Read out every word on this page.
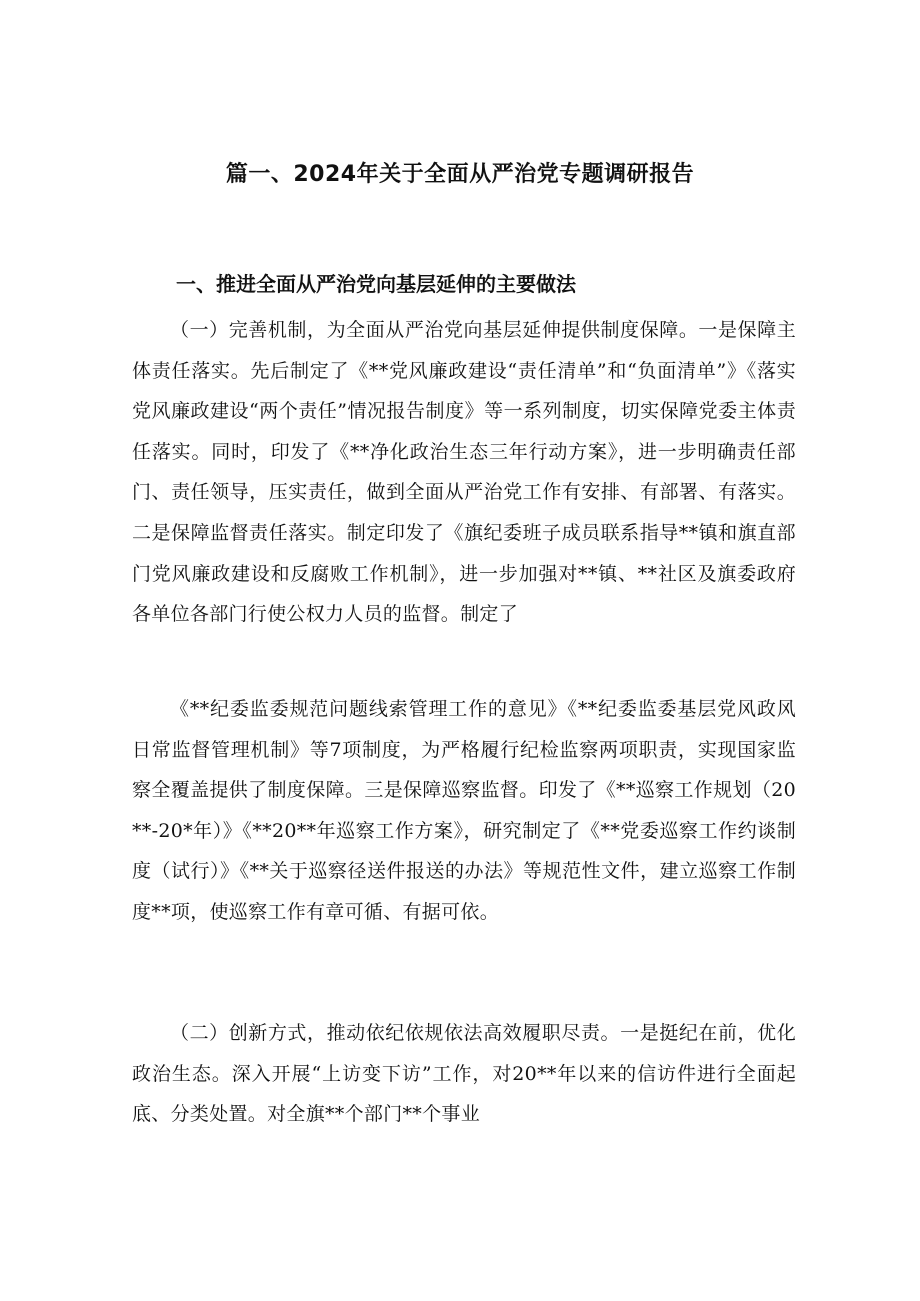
篇一、2024年关于全面从严治党专题调研报告
一、推进全面从严治党向基层延伸的主要做法

（一）完善机制，为全面从严治党向基层延伸提供制度保障。一是保障主体责任落实。先后制定了《**党风廉政建设“责任清单”和“负面清单”》《落实党风廉政建设“两个责任”情况报告制度》等一系列制度，切实保障党委主体责任落实。同时，印发了《**净化政治生态三年行动方案》，进一步明确责任部门、责任领导，压实责任，做到全面从严治党工作有安排、有部署、有落实。二是保障监督责任落实。制定印发了《旗纪委班子成员联系指导**镇和旗直部门党风廉政建设和反腐败工作机制》，进一步加强对**镇、**社区及旗委政府各单位各部门行使公权力人员的监督。制定了

《**纪委监委规范问题线索管理工作的意见》《**纪委监委基层党风政风日常监督管理机制》等7项制度，为严格履行纪检监察两项职责，实现国家监察全覆盖提供了制度保障。三是保障巡察监督。印发了《**巡察工作规划（20**-20*年）》《**20**年巡察工作方案》，研究制定了《**党委巡察工作约谈制度（试行）》《**关于巡察径送件报送的办法》等规范性文件，建立巡察工作制度**项，使巡察工作有章可循、有据可依。

（二）创新方式，推动依纪依规依法高效履职尽责。一是挺纪在前，优化政治生态。深入开展“上访变下访”工作，对20**年以来的信访件进行全面起底、分类处置。对全旗**个部门**个事业
